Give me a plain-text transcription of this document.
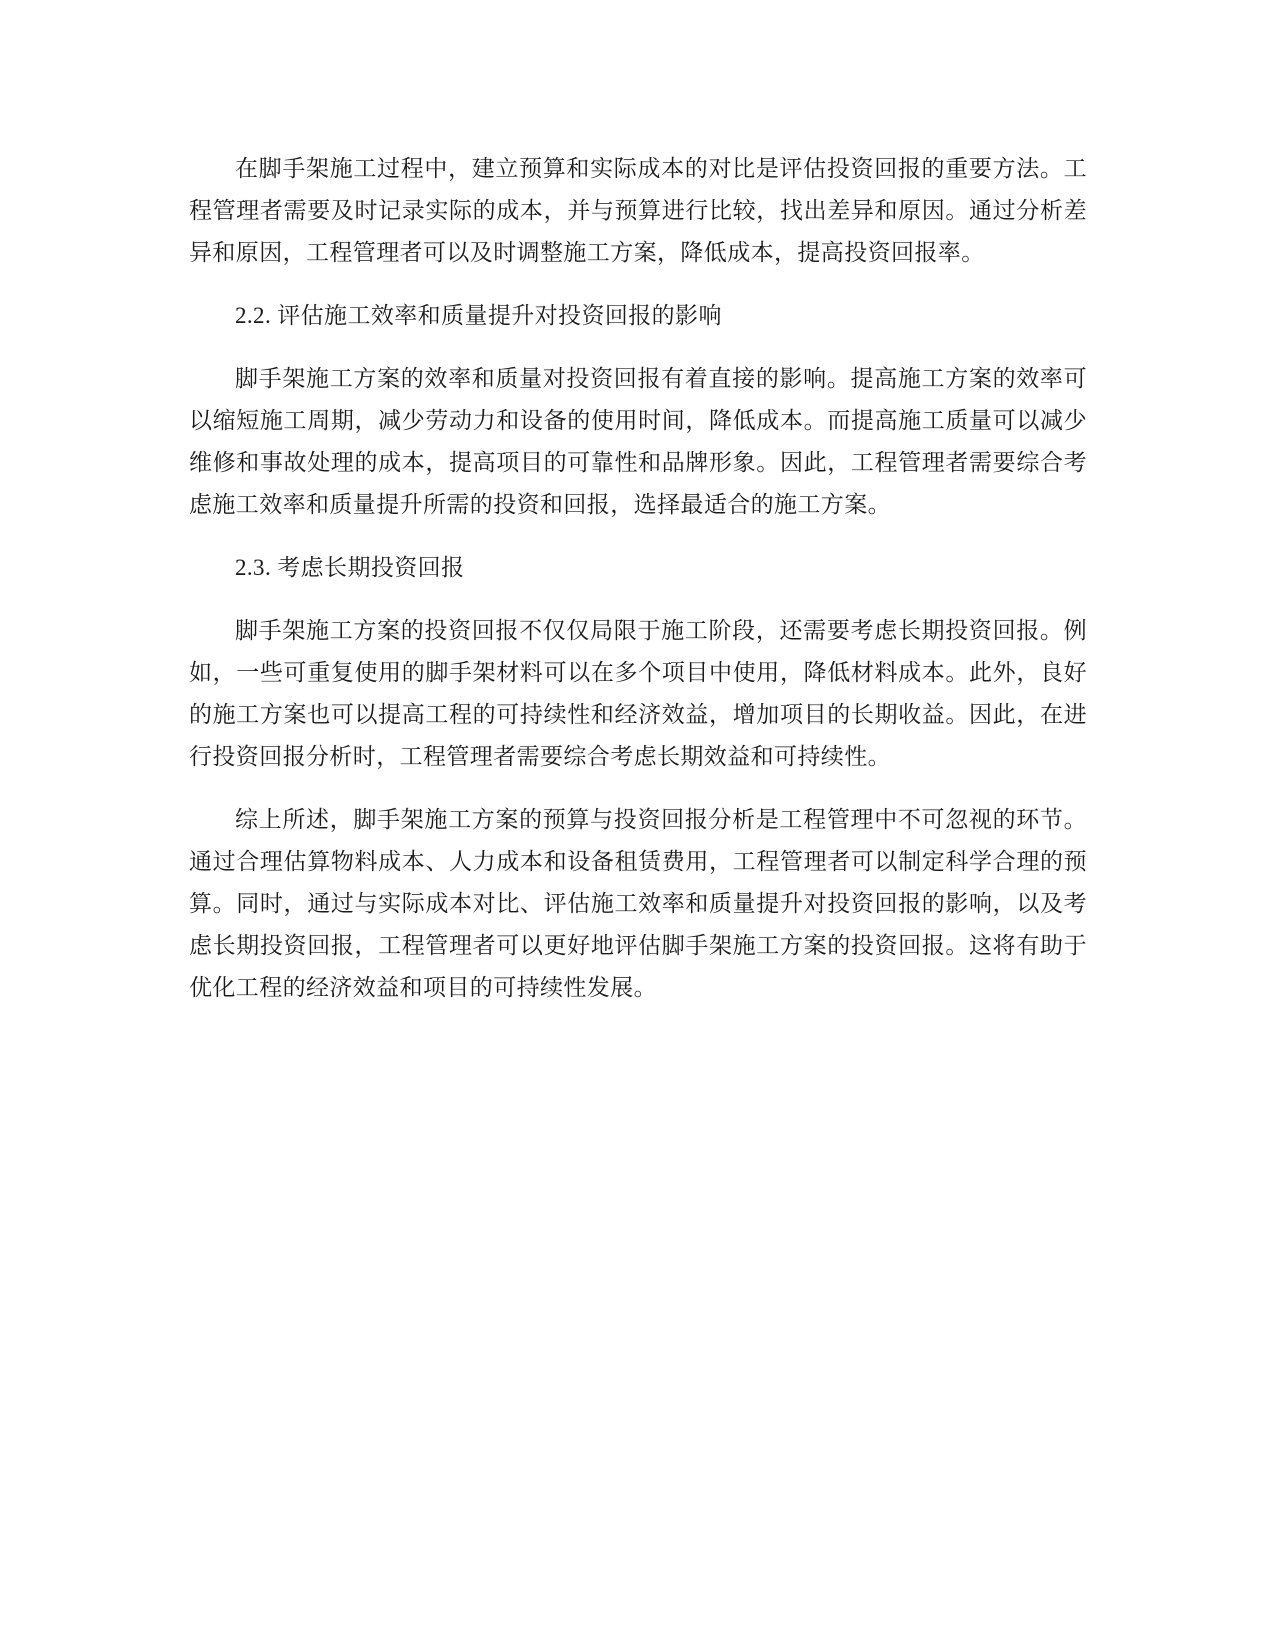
在脚手架施工过程中，建立预算和实际成本的对比是评估投资回报的重要方法。工程管理者需要及时记录实际的成本，并与预算进行比较，找出差异和原因。通过分析差异和原因，工程管理者可以及时调整施工方案，降低成本，提高投资回报率。

2.2. 评估施工效率和质量提升对投资回报的影响

脚手架施工方案的效率和质量对投资回报有着直接的影响。提高施工方案的效率可以缩短施工周期，减少劳动力和设备的使用时间，降低成本。而提高施工质量可以减少维修和事故处理的成本，提高项目的可靠性和品牌形象。因此，工程管理者需要综合考虑施工效率和质量提升所需的投资和回报，选择最适合的施工方案。

2.3. 考虑长期投资回报

脚手架施工方案的投资回报不仅仅局限于施工阶段，还需要考虑长期投资回报。例如，一些可重复使用的脚手架材料可以在多个项目中使用，降低材料成本。此外，良好的施工方案也可以提高工程的可持续性和经济效益，增加项目的长期收益。因此，在进行投资回报分析时，工程管理者需要综合考虑长期效益和可持续性。

综上所述，脚手架施工方案的预算与投资回报分析是工程管理中不可忽视的环节。通过合理估算物料成本、人力成本和设备租赁费用，工程管理者可以制定科学合理的预算。同时，通过与实际成本对比、评估施工效率和质量提升对投资回报的影响，以及考虑长期投资回报，工程管理者可以更好地评估脚手架施工方案的投资回报。这将有助于优化工程的经济效益和项目的可持续性发展。
